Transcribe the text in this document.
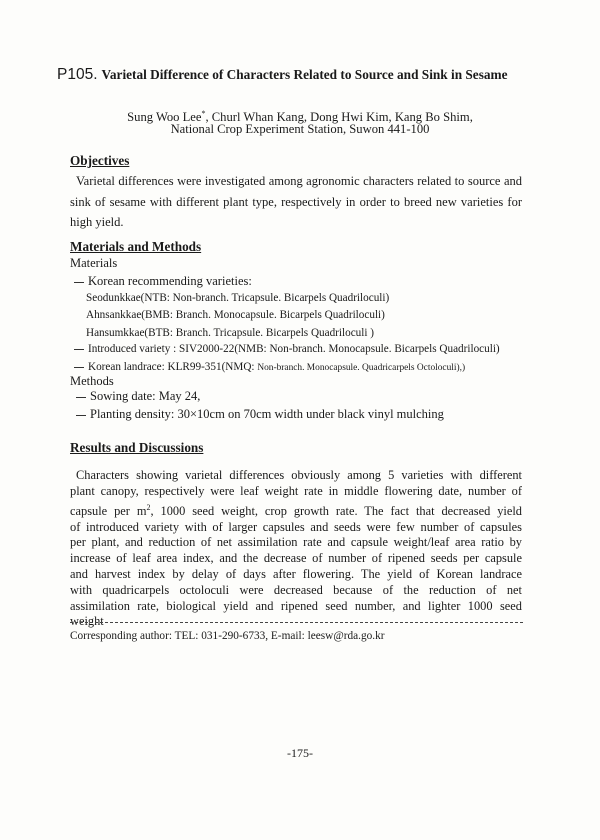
P105. Varietal Difference of Characters Related to Source and Sink in Sesame
Sung Woo Lee*, Churl Whan Kang, Dong Hwi Kim, Kang Bo Shim,
National Crop Experiment Station, Suwon 441-100
Objectives
Varietal differences were investigated among agronomic characters related to source and sink of sesame with different plant type, respectively in order to breed new varieties for high yield.
Materials and Methods
Materials
Korean recommending varieties:
Seodunkkae(NTB: Non-branch. Tricapsule. Bicarpels Quadriloculi)
Ahnsankkae(BMB: Branch. Monocapsule. Bicarpels Quadriloculi)
Hansumkkae(BTB: Branch. Tricapsule. Bicarpels Quadriloculi )
Introduced variety : SIV2000-22(NMB: Non-branch. Monocapsule. Bicarpels Quadriloculi)
Korean landrace: KLR99-351(NMQ: Non-branch. Monocapsule. Quadricarpels Octoloculi),)
Methods
Sowing date: May 24,
Planting density: 30×10cm on 70cm width under black vinyl mulching
Results and Discussions
Characters showing varietal differences obviously among 5 varieties with different
plant canopy, respectively were leaf weight rate in middle flowering date, number of
capsule per $m^2$, 1000 seed weight, crop growth rate. The fact that decreased yield
of introduced variety with of larger capsules and seeds were few number of capsules
per plant, and reduction of net assimilation rate and capsule weight/leaf area ratio by
increase of leaf area index, and the decrease of number of ripened seeds per capsule
and harvest index by delay of days after flowering. The yield of Korean landrace
with quadricarpels octoloculi were decreased because of the reduction of net
assimilation rate, biological yield and ripened seed number, and lighter 1000 seed
weight
Corresponding author: TEL: 031-290-6733, E-mail: leesw@rda.go.kr
-175-
